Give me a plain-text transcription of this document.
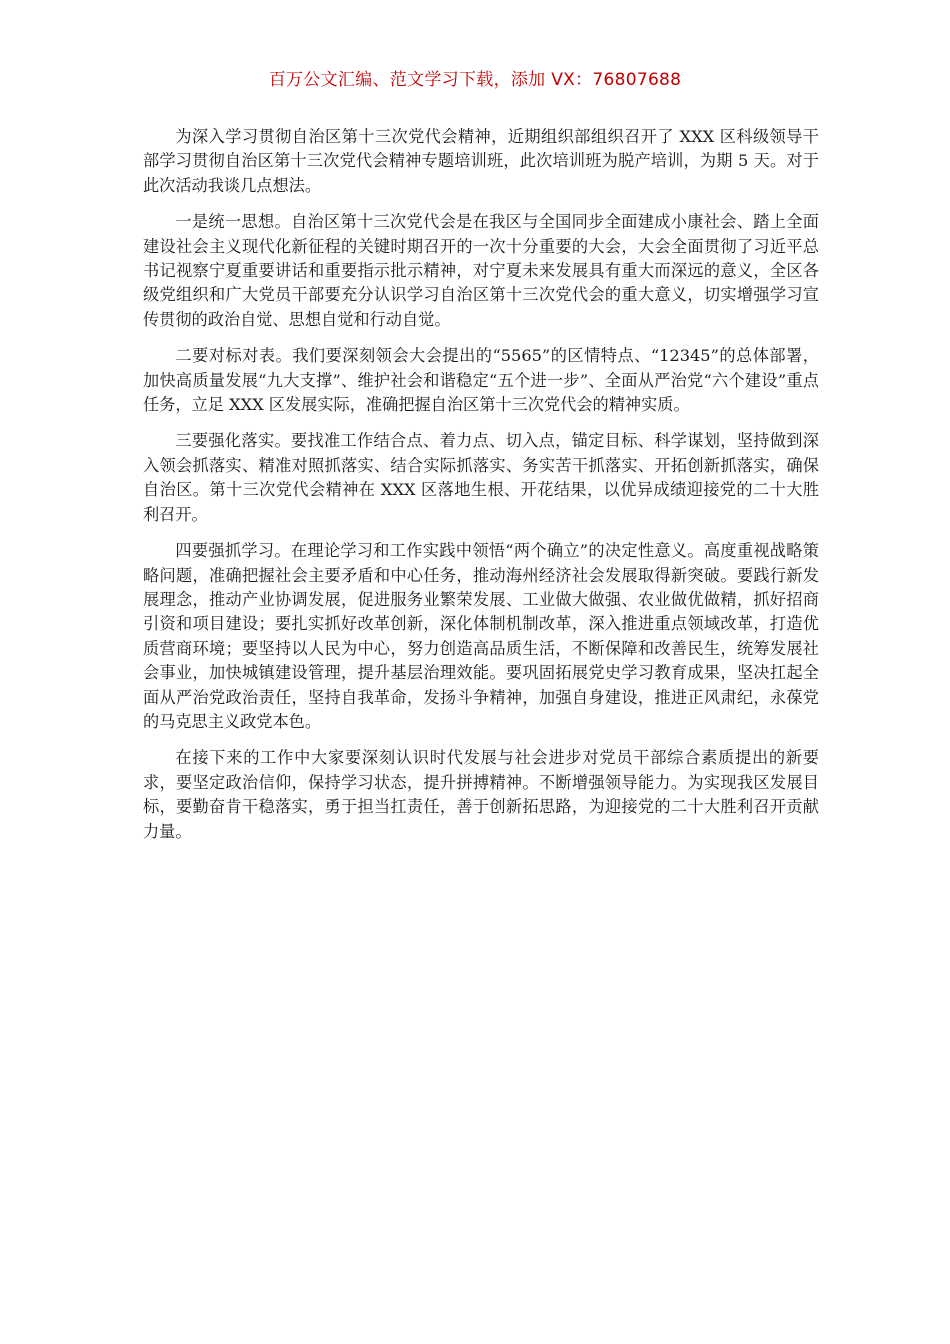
百万公文汇编、范文学习下载，添加 VX：76807688

为深入学习贯彻自治区第十三次党代会精神，近期组织部组织召开了 XXX 区科级领导干部学习贯彻自治区第十三次党代会精神专题培训班，此次培训班为脱产培训，为期 5 天。对于此次活动我谈几点想法。

一是统一思想。自治区第十三次党代会是在我区与全国同步全面建成小康社会、踏上全面建设社会主义现代化新征程的关键时期召开的一次十分重要的大会，大会全面贯彻了习近平总书记视察宁夏重要讲话和重要指示批示精神，对宁夏未来发展具有重大而深远的意义，全区各级党组织和广大党员干部要充分认识学习自治区第十三次党代会的重大意义，切实增强学习宣传贯彻的政治自觉、思想自觉和行动自觉。

二要对标对表。我们要深刻领会大会提出的“5565”的区情特点、“12345”的总体部署，加快高质量发展“九大支撑”、维护社会和谐稳定“五个进一步”、全面从严治党“六个建设”重点任务，立足 XXX 区发展实际，准确把握自治区第十三次党代会的精神实质。

三要强化落实。要找准工作结合点、着力点、切入点，锚定目标、科学谋划，坚持做到深入领会抓落实、精准对照抓落实、结合实际抓落实、务实苦干抓落实、开拓创新抓落实，确保自治区。第十三次党代会精神在 XXX 区落地生根、开花结果，以优异成绩迎接党的二十大胜利召开。

四要强抓学习。在理论学习和工作实践中领悟“两个确立”的决定性意义。高度重视战略策略问题，准确把握社会主要矛盾和中心任务，推动海州经济社会发展取得新突破。要践行新发展理念，推动产业协调发展，促进服务业繁荣发展、工业做大做强、农业做优做精，抓好招商引资和项目建设；要扎实抓好改革创新，深化体制机制改革，深入推进重点领域改革，打造优质营商环境；要坚持以人民为中心，努力创造高品质生活，不断保障和改善民生，统筹发展社会事业，加快城镇建设管理，提升基层治理效能。要巩固拓展党史学习教育成果，坚决扛起全面从严治党政治责任，坚持自我革命，发扬斗争精神，加强自身建设，推进正风肃纪，永葆党的马克思主义政党本色。

在接下来的工作中大家要深刻认识时代发展与社会进步对党员干部综合素质提出的新要求，要坚定政治信仰，保持学习状态，提升拼搏精神。不断增强领导能力。为实现我区发展目标，要勤奋肯干稳落实，勇于担当扛责任，善于创新拓思路，为迎接党的二十大胜利召开贡献力量。
